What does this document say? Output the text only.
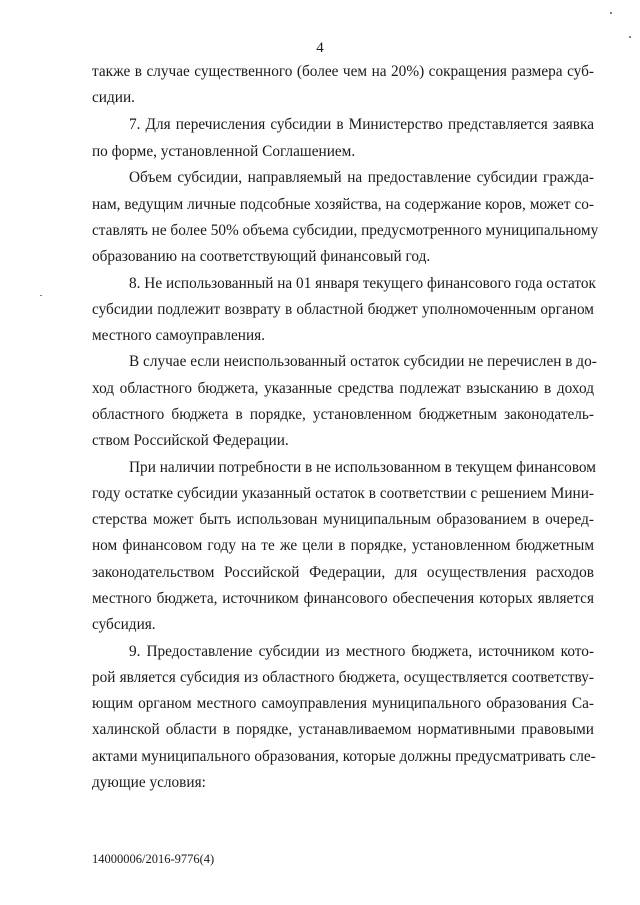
4
также в случае существенного (более чем на 20%) сокращения размера суб-
сидии.
7. Для перечисления субсидии в Министерство представляется заявка
по форме, установленной Соглашением.
Объем субсидии, направляемый на предоставление субсидии гражда-
нам, ведущим личные подсобные хозяйства, на содержание коров, может со-
ставлять не более 50% объема субсидии, предусмотренного муниципальному
образованию на соответствующий финансовый год.
8. Не использованный на 01 января текущего финансового года остаток
субсидии подлежит возврату в областной бюджет уполномоченным органом
местного самоуправления.
В случае если неиспользованный остаток субсидии не перечислен в до-
ход областного бюджета, указанные средства подлежат взысканию в доход
областного бюджета в порядке, установленном бюджетным законодатель-
ством Российской Федерации.
При наличии потребности в не использованном в текущем финансовом
году остатке субсидии указанный остаток в соответствии с решением Мини-
стерства может быть использован муниципальным образованием в очеред-
ном финансовом году на те же цели в порядке, установленном бюджетным
законодательством Российской Федерации, для осуществления расходов
местного бюджета, источником финансового обеспечения которых является
субсидия.
9. Предоставление субсидии из местного бюджета, источником кото-
рой является субсидия из областного бюджета, осуществляется соответству-
ющим органом местного самоуправления муниципального образования Са-
халинской области в порядке, устанавливаемом нормативными правовыми
актами муниципального образования, которые должны предусматривать сле-
дующие условия:
14000006/2016-9776(4)
